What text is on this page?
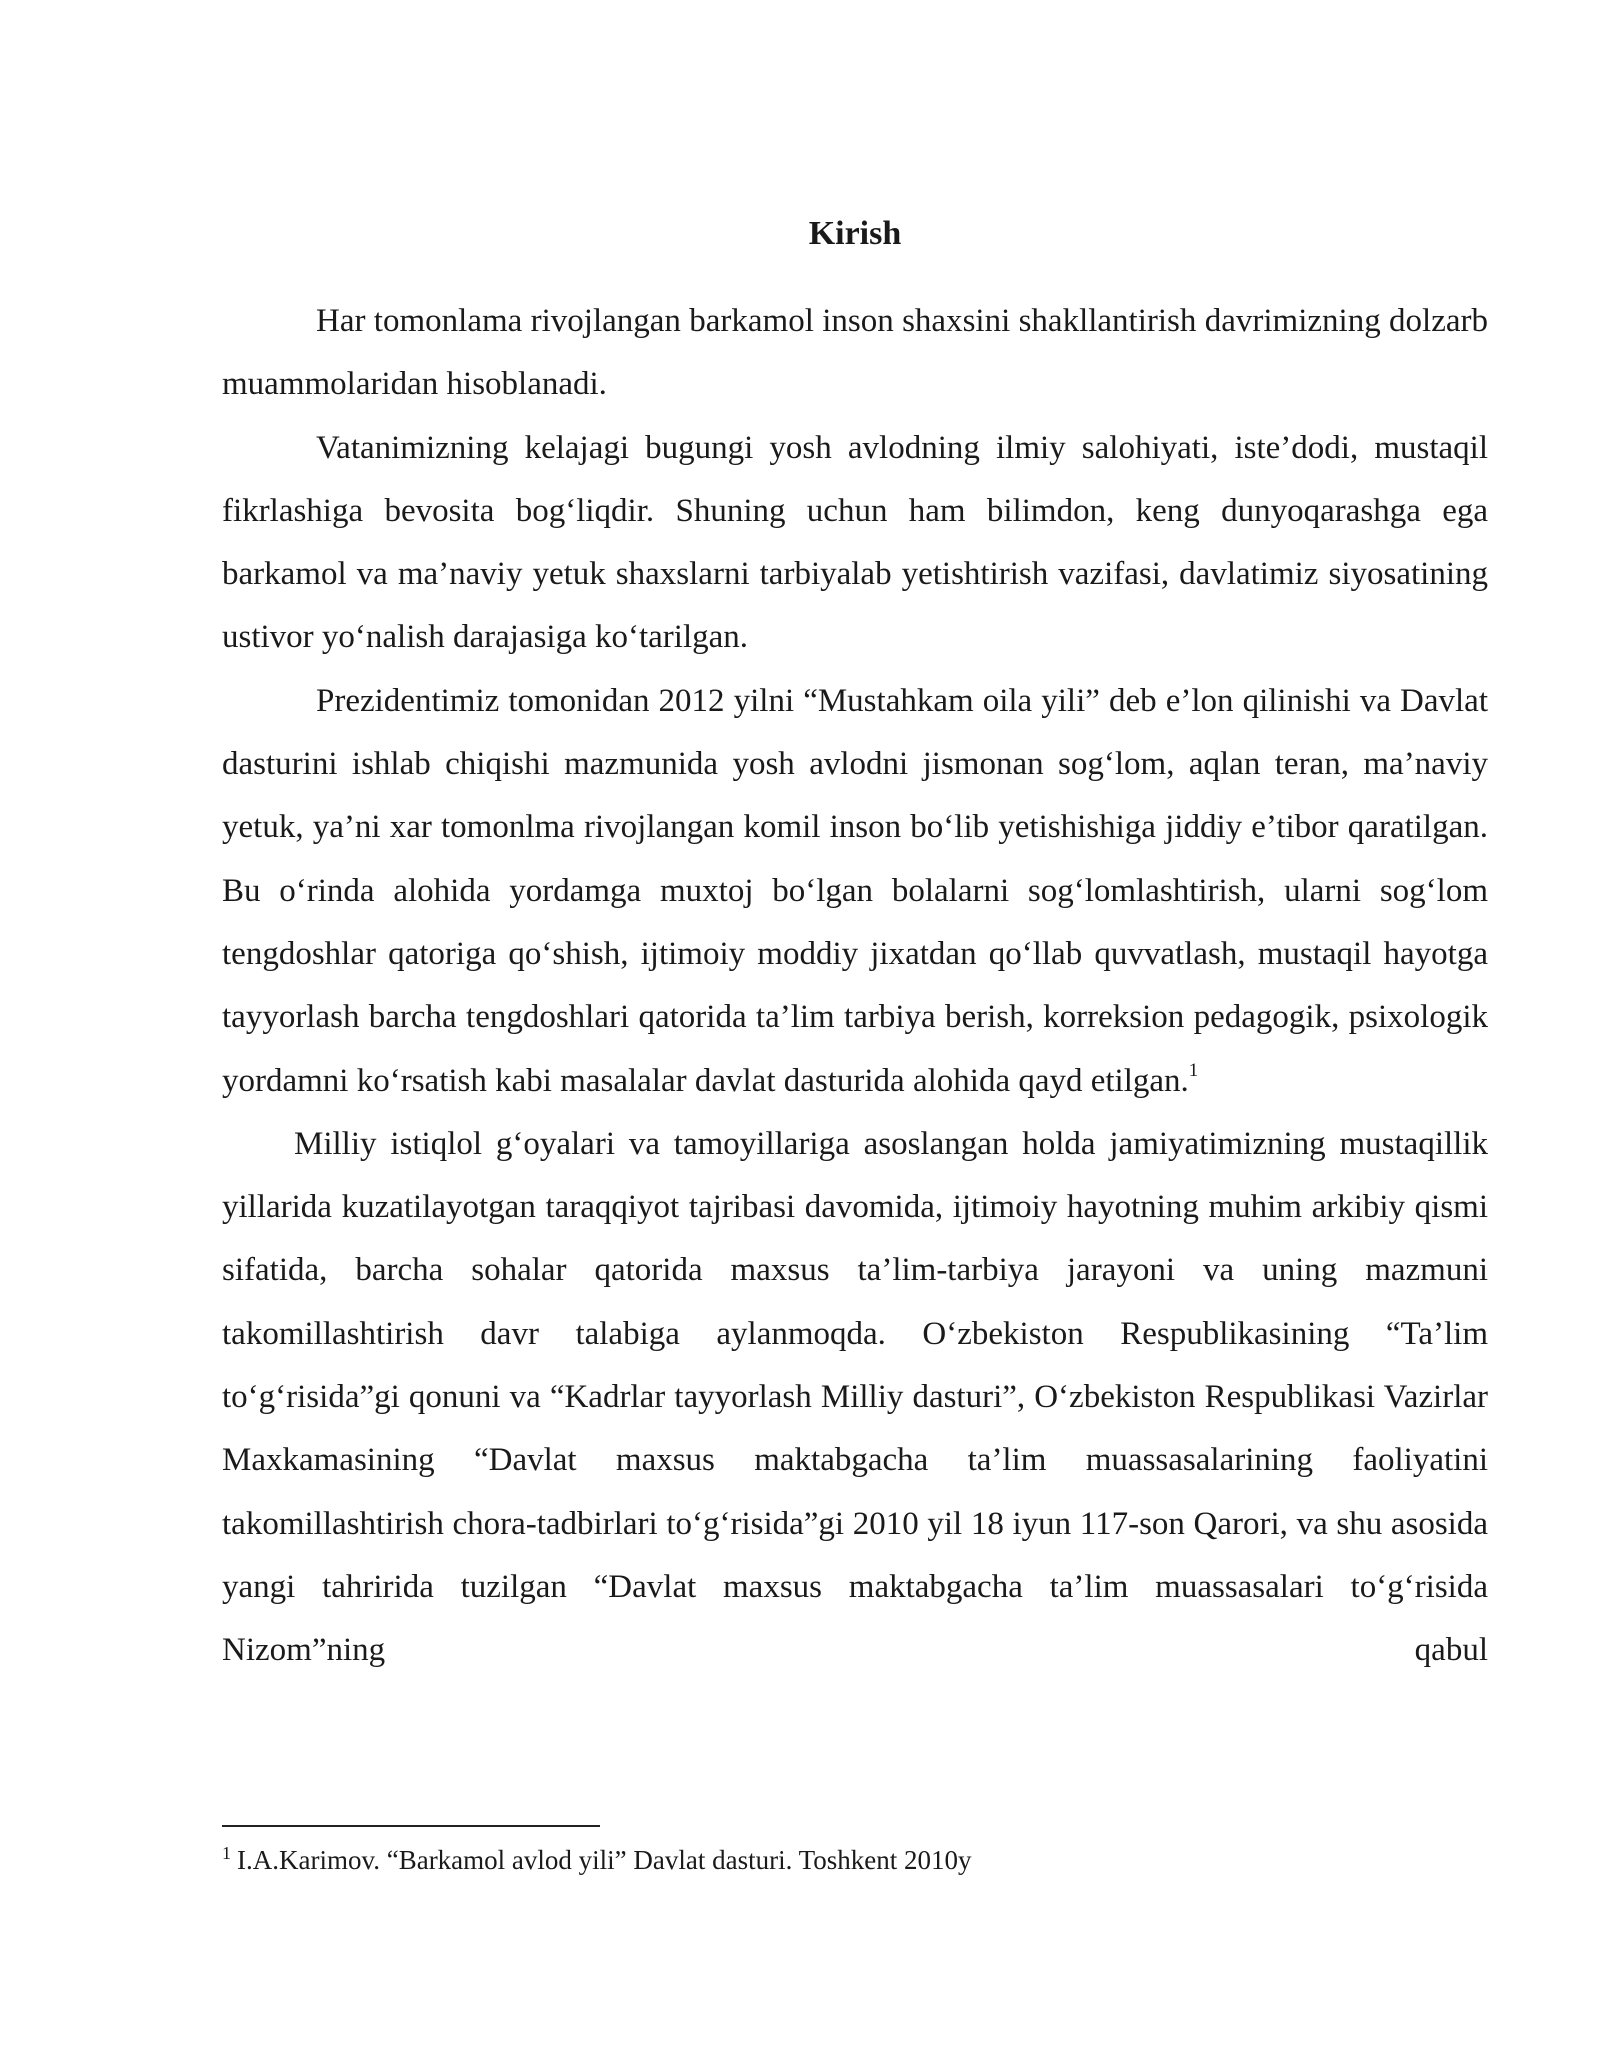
Kirish

Har tomonlama rivojlangan barkamol inson shaxsini shakllantirish davrimizning dolzarb muammolaridan hisoblanadi.

Vatanimizning kelajagi bugungi yosh avlodning ilmiy salohiyati, iste’dodi, mustaqil fikrlashiga bevosita bog‘liqdir. Shuning uchun ham bilimdon, keng dunyoqarashga ega barkamol va ma’naviy yetuk shaxslarni tarbiyalab yetishtirish vazifasi, davlatimiz siyosatining ustivor yo‘nalish darajasiga ko‘tarilgan.

Prezidentimiz tomonidan 2012 yilni “Mustahkam oila yili” deb e’lon qilinishi va Davlat dasturini ishlab chiqishi mazmunida yosh avlodni jismonan sog‘lom, aqlan teran, ma’naviy yetuk, ya’ni xar tomonlma rivojlangan komil inson bo‘lib yetishishiga jiddiy e’tibor qaratilgan. Bu o‘rinda alohida yordamga muxtoj bo‘lgan bolalarni sog‘lomlashtirish, ularni sog‘lom tengdoshlar qatoriga qo‘shish, ijtimoiy moddiy jixatdan qo‘llab quvvatlash, mustaqil hayotga tayyorlash barcha tengdoshlari qatorida ta’lim tarbiya berish, korreksion pedagogik, psixologik yordamni ko‘rsatish kabi masalalar davlat dasturida alohida qayd etilgan.$^1$

Milliy istiqlol g‘oyalari va tamoyillariga asoslangan holda jamiyatimizning mustaqillik yillarida kuzatilayotgan taraqqiyot tajribasi davomida, ijtimoiy hayotning muhim arkibiy qismi sifatida, barcha sohalar qatorida maxsus ta’lim-tarbiya jarayoni va uning mazmuni takomillashtirish davr talabiga aylanmoqda. O‘zbekiston Respublikasining “Ta’lim to‘g‘risida”gi qonuni va “Kadrlar tayyorlash Milliy dasturi”, O‘zbekiston Respublikasi Vazirlar Maxkamasining “Davlat maxsus maktabgacha ta’lim muassasalarining faoliyatini takomillashtirish chora-tadbirlari to‘g‘risida”gi 2010 yil 18 iyun 117-son Qarori, va shu asosida yangi tahririda tuzilgan “Davlat maxsus maktabgacha ta’lim muassasalari to‘g‘risida Nizom”ning qabul

$^1$ I.A.Karimov. “Barkamol avlod yili” Davlat dasturi. Toshkent 2010y
